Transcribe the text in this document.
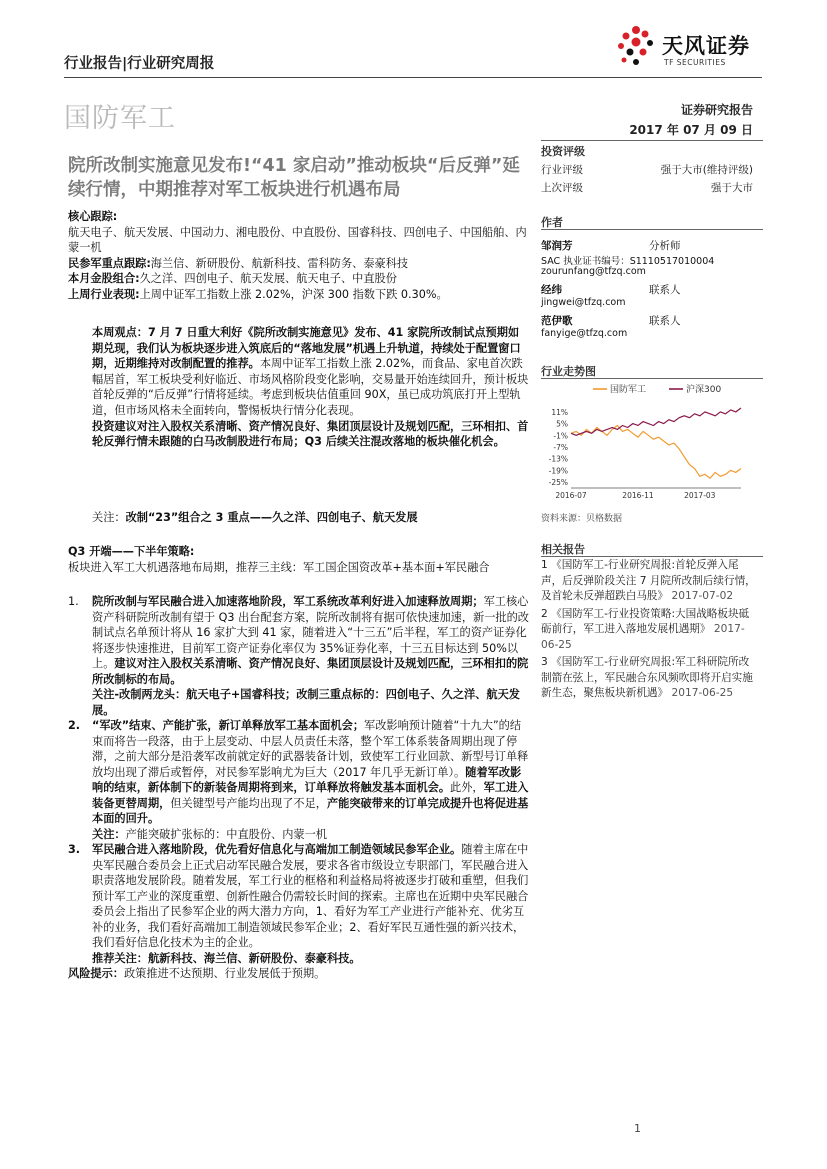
行业报告|行业研究周报
国防军工
天风证券
TF SECURITIES
证券研究报告
2017 年 07 月 09 日
院所改制实施意见发布!“41 家启动”推动板块“后反弹”延续行情，中期推荐对军工板块进行机遇布局
核心跟踪:
航天电子、航天发展、中国动力、湘电股份、中直股份、国睿科技、四创电子、中国船舶、内蒙一机
民参军重点跟踪:海兰信、新研股份、航新科技、雷科防务、泰豪科技
本月金股组合:久之洋、四创电子、航天发展、航天电子、中直股份
上周行业表现:上周中证军工指数上涨 2.02%，沪深 300 指数下跌 0.30%。
本周观点：7 月 7 日重大利好《院所改制实施意见》发布、41 家院所改制试点预期如期兑现，我们认为板块逐步进入筑底后的“落地发展”机遇上升轨道，持续处于配置窗口期，近期维持对改制配置的推荐。本周中证军工指数上涨 2.02%，而食品、家电首次跌幅居首，军工板块受利好临近、市场风格阶段变化影响，交易量开始连续回升，预计板块首轮反弹的“后反弹”行情将延续。考虑到板块估值重回 90X，虽已成功筑底打开上型轨道，但市场风格未全面转向，警惕板块行情分化表现。
投资建议对注入股权关系清晰、资产情况良好、集团顶层设计及规划匹配，三环相扣、首轮反弹行情未跟随的白马改制股进行布局；Q3 后续关注混改落地的板块催化机会。
关注：改制“23”组合之 3 重点——久之洋、四创电子、航天发展
Q3 开端——下半年策略:
板块进入军工大机遇落地布局期，推荐三主线：军工国企国资改革+基本面+军民融合
1.	院所改制与军民融合进入加速落地阶段，军工系统改革利好进入加速释放周期；军工核心资产科研院所改制有望于 Q3 出台配套方案，院所改制将有据可依快速加速，新一批的改制试点名单预计将从 16 家扩大到 41 家，随着进入“十三五”后半程，军工的资产证券化将逐步快速推进，目前军工资产证券化率仅为 35%证券化率，十三五目标达到 50%以上。建议对注入股权关系清晰、资产情况良好、集团顶层设计及规划匹配，三环相扣的院所改制标的布局。
关注-改制两龙头：航天电子+国睿科技；改制三重点标的：四创电子、久之洋、航天发展。
2.	“军改”结束、产能扩张，新订单释放军工基本面机会；军改影响预计随着“十九大”的结束而将告一段落，由于上层变动、中层人员责任未落，整个军工体系装备周期出现了停滞，之前大部分是沿袭军改前就定好的武器装备计划，致使军工行业回款、新型号订单释放均出现了滞后或暂停，对民参军影响尤为巨大（2017 年几乎无新订单）。随着军改影响的结束，新体制下的新装备周期将到来，订单释放将触发基本面机会。此外，军工进入装备更替周期，但关键型号产能均出现了不足，产能突破带来的订单完成提升也将促进基本面的回升。
关注：产能突破扩张标的：中直股份、内蒙一机
3.	军民融合进入落地阶段，优先看好信息化与高端加工制造领域民参军企业。随着主席在中央军民融合委员会上正式启动军民融合发展，要求各省市级设立专职部门，军民融合进入职责落地发展阶段。随着发展，军工行业的框格和利益格局将被逐步打破和重塑，但我们预计军工产业的深度重塑、创新性融合仍需较长时间的探索。主席也在近期中央军民融合委员会上指出了民参军企业的两大潜力方向，1、看好为军工产业进行产能补充、优劣互补的业务，我们看好高端加工制造领域民参军企业；2、看好军民互通性强的新兴技术，我们看好信息化技术为主的企业。
推荐关注：航新科技、海兰信、新研股份、泰豪科技。
风险提示：政策推进不达预期、行业发展低于预期。
投资评级
行业评级	强于大市(维持评级)
上次评级	强于大市
作者
邹润芳	分析师
SAC 执业证书编号：S1110517010004
zourunfang@tfzq.com
经纬	联系人
jingwei@tfzq.com
范伊歌	联系人
fanyige@tfzq.com
行业走势图
国防军工	沪深300
11%
5%
-1%
-7%
-13%
-19%
-25%
2016-07	2016-11	2017-03
资料来源：贝格数据
相关报告
1 《国防军工-行业研究周报:首轮反弹入尾声，后反弹阶段关注 7 月院所改制后续行情，及首轮未反弹超跌白马股》 2017-07-02
2 《国防军工-行业投资策略:大国战略板块砥砺前行，军工进入落地发展机遇期》 2017-06-25
3 《国防军工-行业研究周报:军工科研院所改制箭在弦上，军民融合东风频吹即将开启实施新生态，聚焦板块新机遇》 2017-06-25
1
